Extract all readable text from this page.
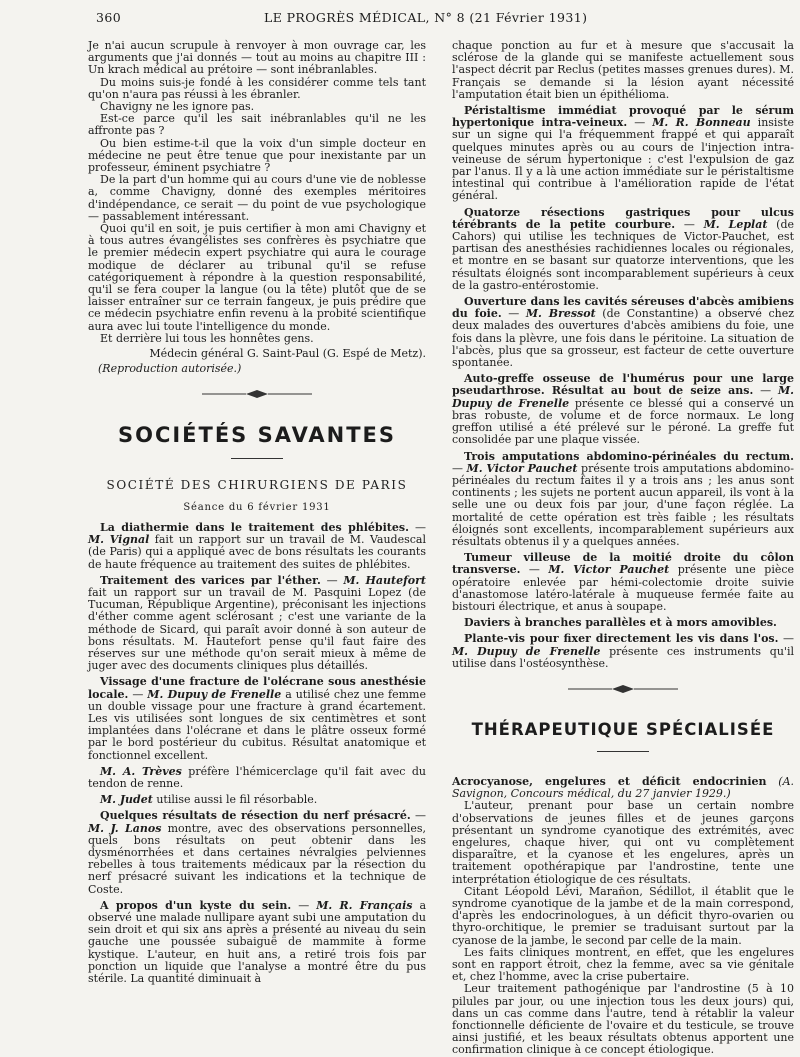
360	LE PROGRÈS MÉDICAL, N° 8 (21 Février 1931)

Je n'ai aucun scrupule à renvoyer à mon ouvrage car, les arguments que j'ai donnés — tout au moins au chapitre III : Un krach médical au prétoire — sont inébranlables.

Du moins suis-je fondé à les considérer comme tels tant qu'on n'aura pas réussi à les ébranler.

Chavigny ne les ignore pas.

Est-ce parce qu'il les sait inébranlables qu'il ne les affronte pas ?

Ou bien estime-t-il que la voix d'un simple docteur en médecine ne peut être tenue que pour inexistante par un professeur, éminent psychiatre ?

De la part d'un homme qui au cours d'une vie de noblesse a, comme Chavigny, donné des exemples méritoires d'indépendance, ce serait — du point de vue psychologique — passablement intéressant.

Quoi qu'il en soit, je puis certifier à mon ami Chavigny et à tous autres évangélistes ses confrères ès psychiatre que le premier médecin expert psychiatre qui aura le courage modique de déclarer au tribunal qu'il se refuse catégoriquement à répondre à la question responsabilité, qu'il se fera couper la langue (ou la tête) plutôt que de se laisser entraîner sur ce terrain fangeux, je puis prédire que ce médecin psychiatre enfin revenu à la probité scientifique aura avec lui toute l'intelligence du monde.

Et derrière lui tous les honnêtes gens.

Médecin général G. Saint-Paul (G. Espé de Metz).

(Reproduction autorisée.)

SOCIÉTÉS SAVANTES
SOCIÉTÉ DES CHIRURGIENS DE PARIS
Séance du 6 février 1931

La diathermie dans le traitement des phlébites. — M. Vignal fait un rapport sur un travail de M. Vaudescal (de Paris) qui a appliqué avec de bons résultats les courants de haute fréquence au traitement des suites de phlébites.

Traitement des varices par l'éther. — M. Hautefort fait un rapport sur un travail de M. Pasquini Lopez (de Tucuman, République Argentine), préconisant les injections d'éther comme agent sclérosant ; c'est une variante de la méthode de Sicard, qui paraît avoir donné à son auteur de bons résultats. M. Hautefort pense qu'il faut faire des réserves sur une méthode qu'on serait mieux à même de juger avec des documents cliniques plus détaillés.

Vissage d'une fracture de l'olécrane sous anesthésie locale. — M. Dupuy de Frenelle a utilisé chez une femme un double vissage pour une fracture à grand écartement. Les vis utilisées sont longues de six centimètres et sont implantées dans l'olécrane et dans le plâtre osseux formé par le bord postérieur du cubitus. Résultat anatomique et fonctionnel excellent.

M. A. Trèves préfère l'hémicerclage qu'il fait avec du tendon de renne.

M. Judet utilise aussi le fil résorbable.

Quelques résultats de résection du nerf présacré. — M. J. Lanos montre, avec des observations personnelles, quels bons résultats on peut obtenir dans les dysménorrhées et dans certaines névralgies pelviennes rebelles à tous traitements médicaux par la résection du nerf présacré suivant les indications et la technique de Coste.

A propos d'un kyste du sein. — M. R. Français a observé une malade nullipare ayant subi une amputation du sein droit et qui six ans après a présenté au niveau du sein gauche une poussée subaiguë de mammite à forme kystique. L'auteur, en huit ans, a retiré trois fois par ponction un liquide que l'analyse a montré être du pus stérile. La quantité diminuait à

chaque ponction au fur et à mesure que s'accusait la sclérose de la glande qui se manifeste actuellement sous l'aspect décrit par Reclus (petites masses grenues dures). M. Français se demande si la lésion ayant nécessité l'amputation était bien un épithélioma.

Péristaltisme immédiat provoqué par le sérum hypertonique intra-veineux. — M. R. Bonneau insiste sur un signe qui l'a fréquemment frappé et qui apparaît quelques minutes après ou au cours de l'injection intra-veineuse de sérum hypertonique : c'est l'expulsion de gaz par l'anus. Il y a là une action immédiate sur le péristaltisme intestinal qui contribue à l'amélioration rapide de l'état général.

Quatorze résections gastriques pour ulcus térébrants de la petite courbure. — M. Leplat (de Cahors) qui utilise les techniques de Victor-Pauchet, est partisan des anesthésies rachidiennes locales ou régionales, et montre en se basant sur quatorze interventions, que les résultats éloignés sont incomparablement supérieurs à ceux de la gastro-entérostomie.

Ouverture dans les cavités séreuses d'abcès amibiens du foie. — M. Bressot (de Constantine) a observé chez deux malades des ouvertures d'abcès amibiens du foie, une fois dans la plèvre, une fois dans le péritoine. La situation de l'abcès, plus que sa grosseur, est facteur de cette ouverture spontanée.

Auto-greffe osseuse de l'humérus pour une large pseudarthrose. Résultat au bout de seize ans. — M. Dupuy de Frenelle présente ce blessé qui a conservé un bras robuste, de volume et de force normaux. Le long greffon utilisé a été prélevé sur le péroné. La greffe fut consolidée par une plaque vissée.

Trois amputations abdomino-périnéales du rectum. — M. Victor Pauchet présente trois amputations abdomino-périnéales du rectum faites il y a trois ans ; les anus sont continents ; les sujets ne portent aucun appareil, ils vont à la selle une ou deux fois par jour, d'une façon réglée. La mortalité de cette opération est très faible ; les résultats éloignés sont excellents, incomparablement supérieurs aux résultats obtenus il y a quelques années.

Tumeur villeuse de la moitié droite du côlon transverse. — M. Victor Pauchet présente une pièce opératoire enlevée par hémi-colectomie droite suivie d'anastomose latéro-latérale à muqueuse fermée faite au bistouri électrique, et anus à soupape.

Daviers à branches parallèles et à mors amovibles.

Plante-vis pour fixer directement les vis dans l'os. — M. Dupuy de Frenelle présente ces instruments qu'il utilise dans l'ostéosynthèse.

THÉRAPEUTIQUE SPÉCIALISÉE

Acrocyanose, engelures et déficit endocrinien (A. Savignon, Concours médical, du 27 janvier 1929.)

L'auteur, prenant pour base un certain nombre d'observations de jeunes filles et de jeunes garçons présentant un syndrome cyanotique des extrémités, avec engelures, chaque hiver, qui ont vu complètement disparaître, et la cyanose et les engelures, après un traitement opothérapique par l'androstine, tente une interprétation étiologique de ces résultats.

Citant Léopold Lévi, Marañon, Sédillot, il établit que le syndrome cyanotique de la jambe et de la main correspond, d'après les endocrinologues, à un déficit thyro-ovarien ou thyro-orchitique, le premier se traduisant surtout par la cyanose de la jambe, le second par celle de la main.

Les faits cliniques montrent, en effet, que les engelures sont en rapport étroit, chez la femme, avec sa vie génitale et, chez l'homme, avec la crise pubertaire.

Leur traitement pathogénique par l'androstine (5 à 10 pilules par jour, ou une injection tous les deux jours) qui, dans un cas comme dans l'autre, tend à rétablir la valeur fonctionnelle déficiente de l'ovaire et du testicule, se trouve ainsi justifié, et les beaux résultats obtenus apportent une confirmation clinique à ce concept étiologique.
